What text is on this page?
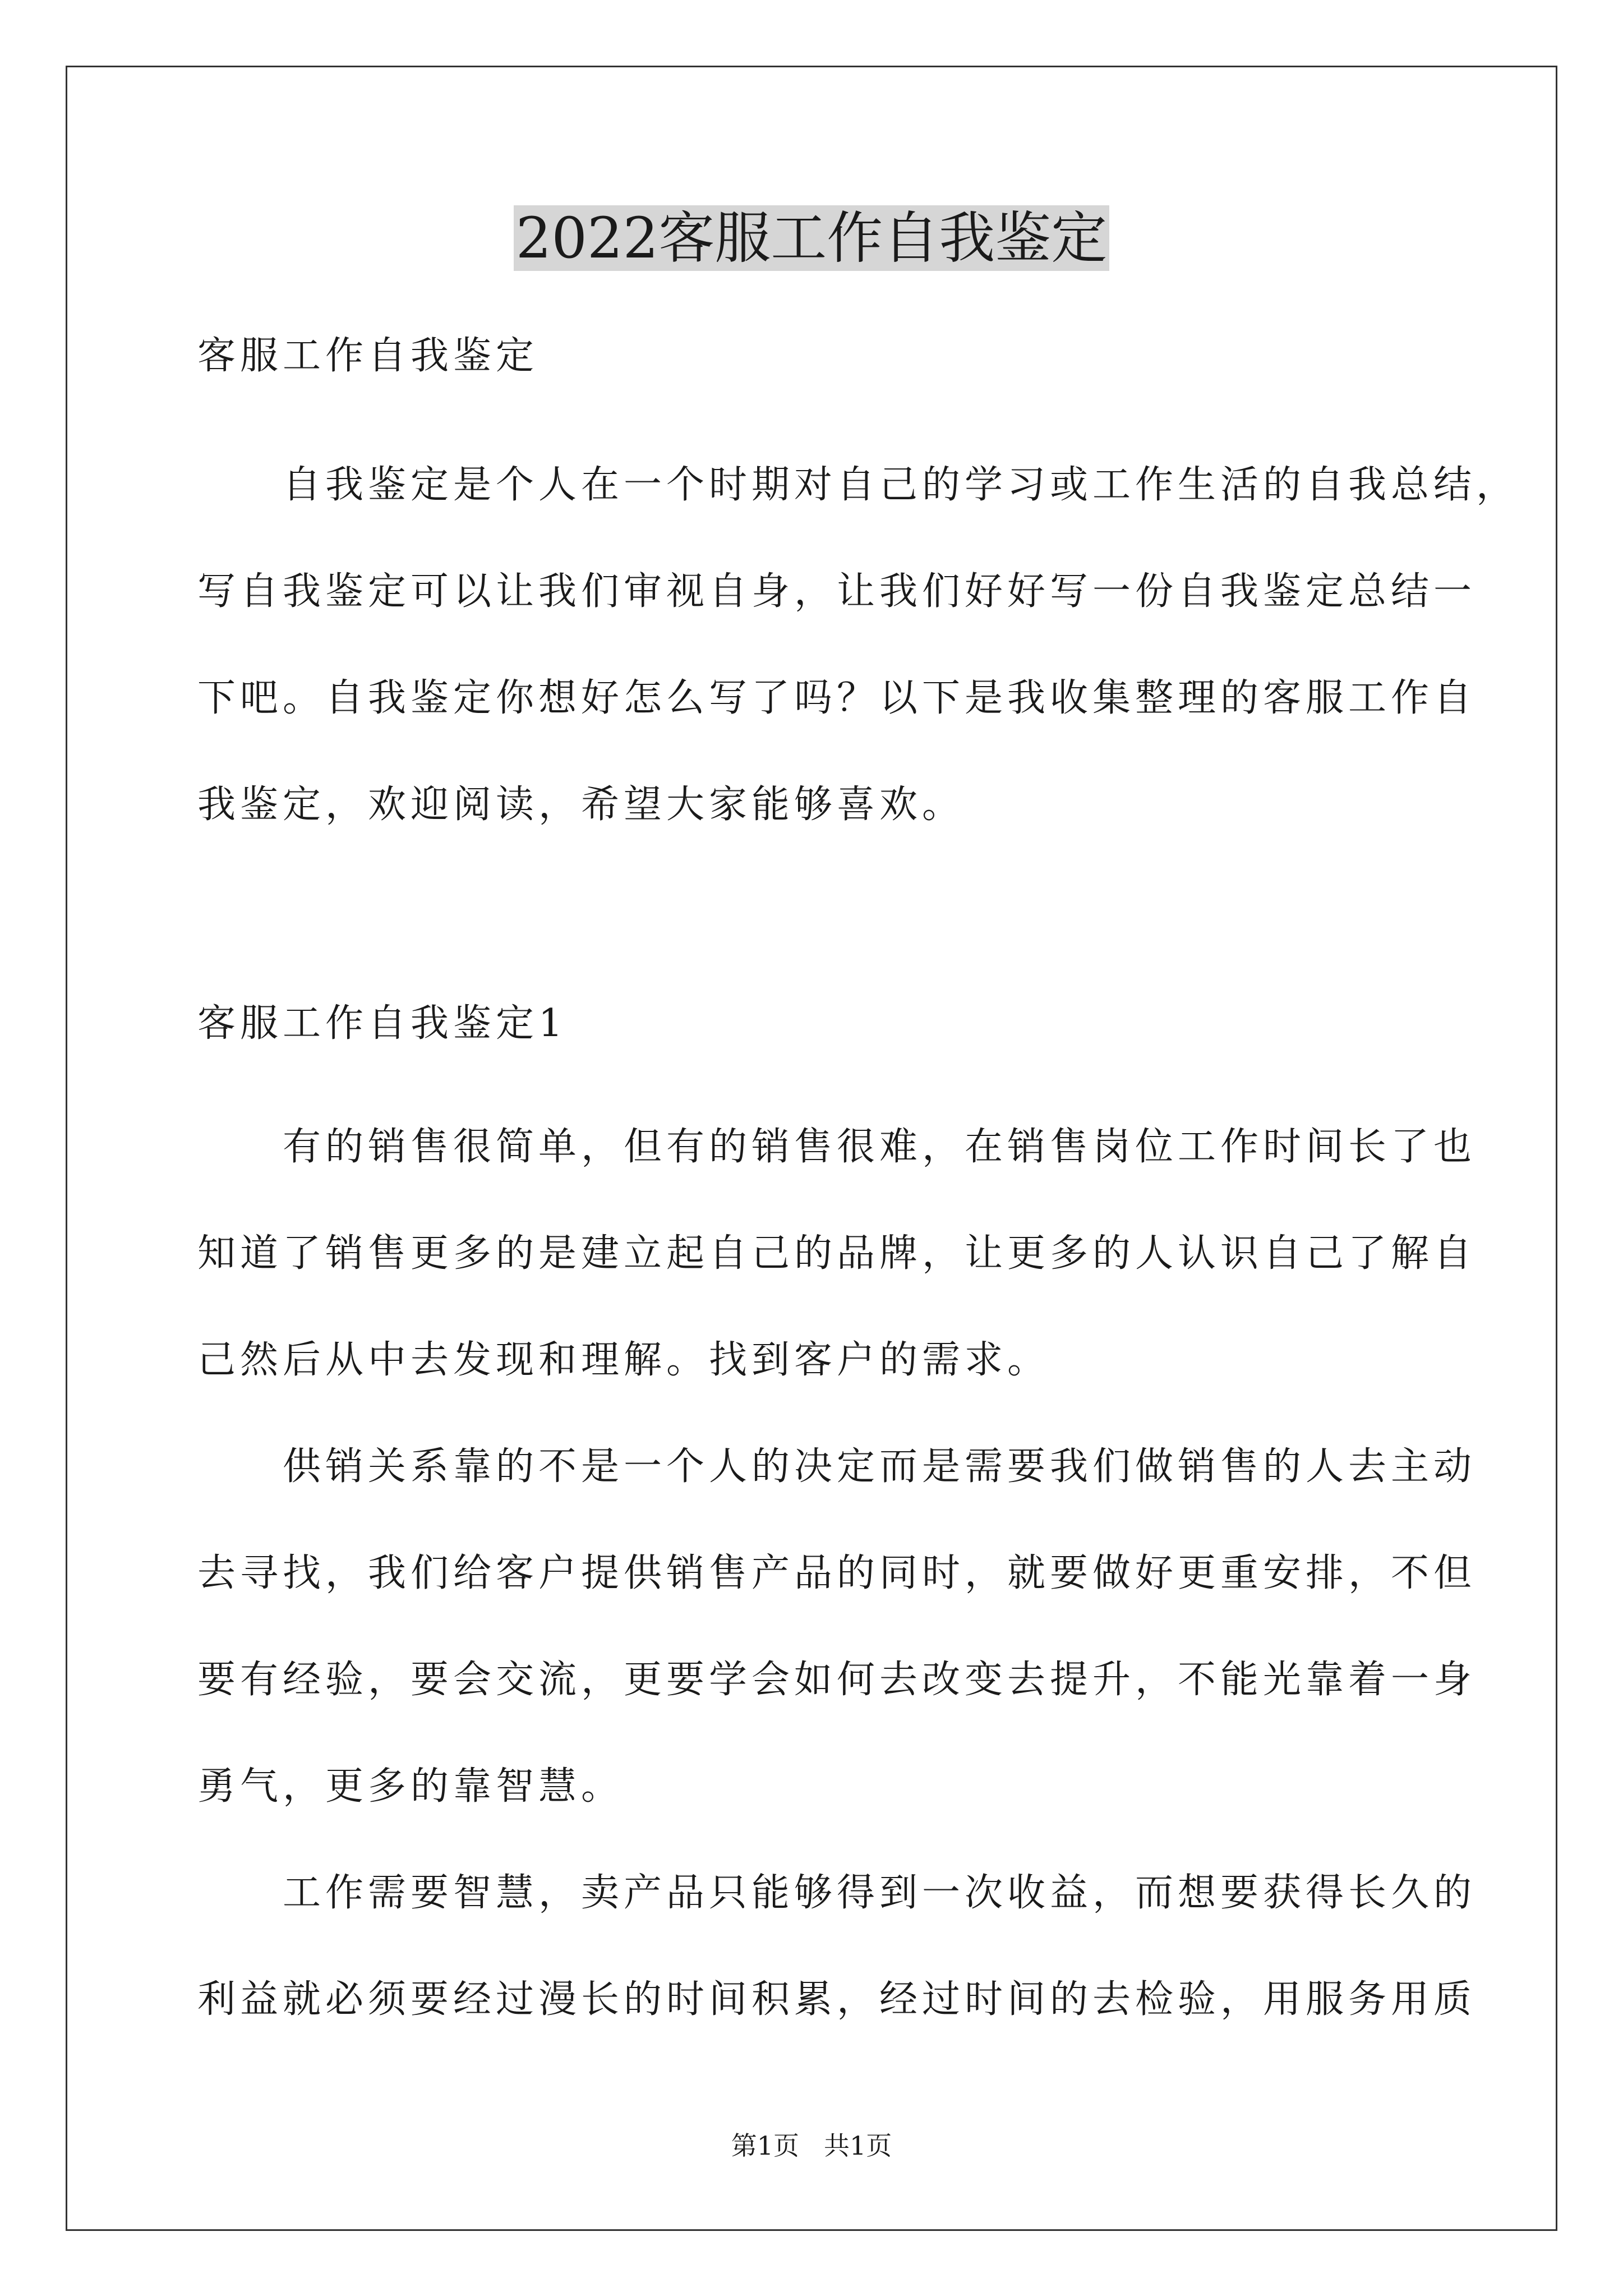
2022客服工作自我鉴定
客服工作自我鉴定
　　自我鉴定是个人在一个时期对自己的学习或工作生活的自我总结，
写自我鉴定可以让我们审视自身，让我们好好写一份自我鉴定总结一
下吧。自我鉴定你想好怎么写了吗？以下是我收集整理的客服工作自
我鉴定，欢迎阅读，希望大家能够喜欢。
客服工作自我鉴定1
　　有的销售很简单，但有的销售很难，在销售岗位工作时间长了也
知道了销售更多的是建立起自己的品牌，让更多的人认识自己了解自
己然后从中去发现和理解。找到客户的需求。
　　供销关系靠的不是一个人的决定而是需要我们做销售的人去主动
去寻找，我们给客户提供销售产品的同时，就要做好更重安排，不但
要有经验，要会交流，更要学会如何去改变去提升，不能光靠着一身
勇气，更多的靠智慧。
　　工作需要智慧，卖产品只能够得到一次收益，而想要获得长久的
利益就必须要经过漫长的时间积累，经过时间的去检验，用服务用质
第1页 共1页
